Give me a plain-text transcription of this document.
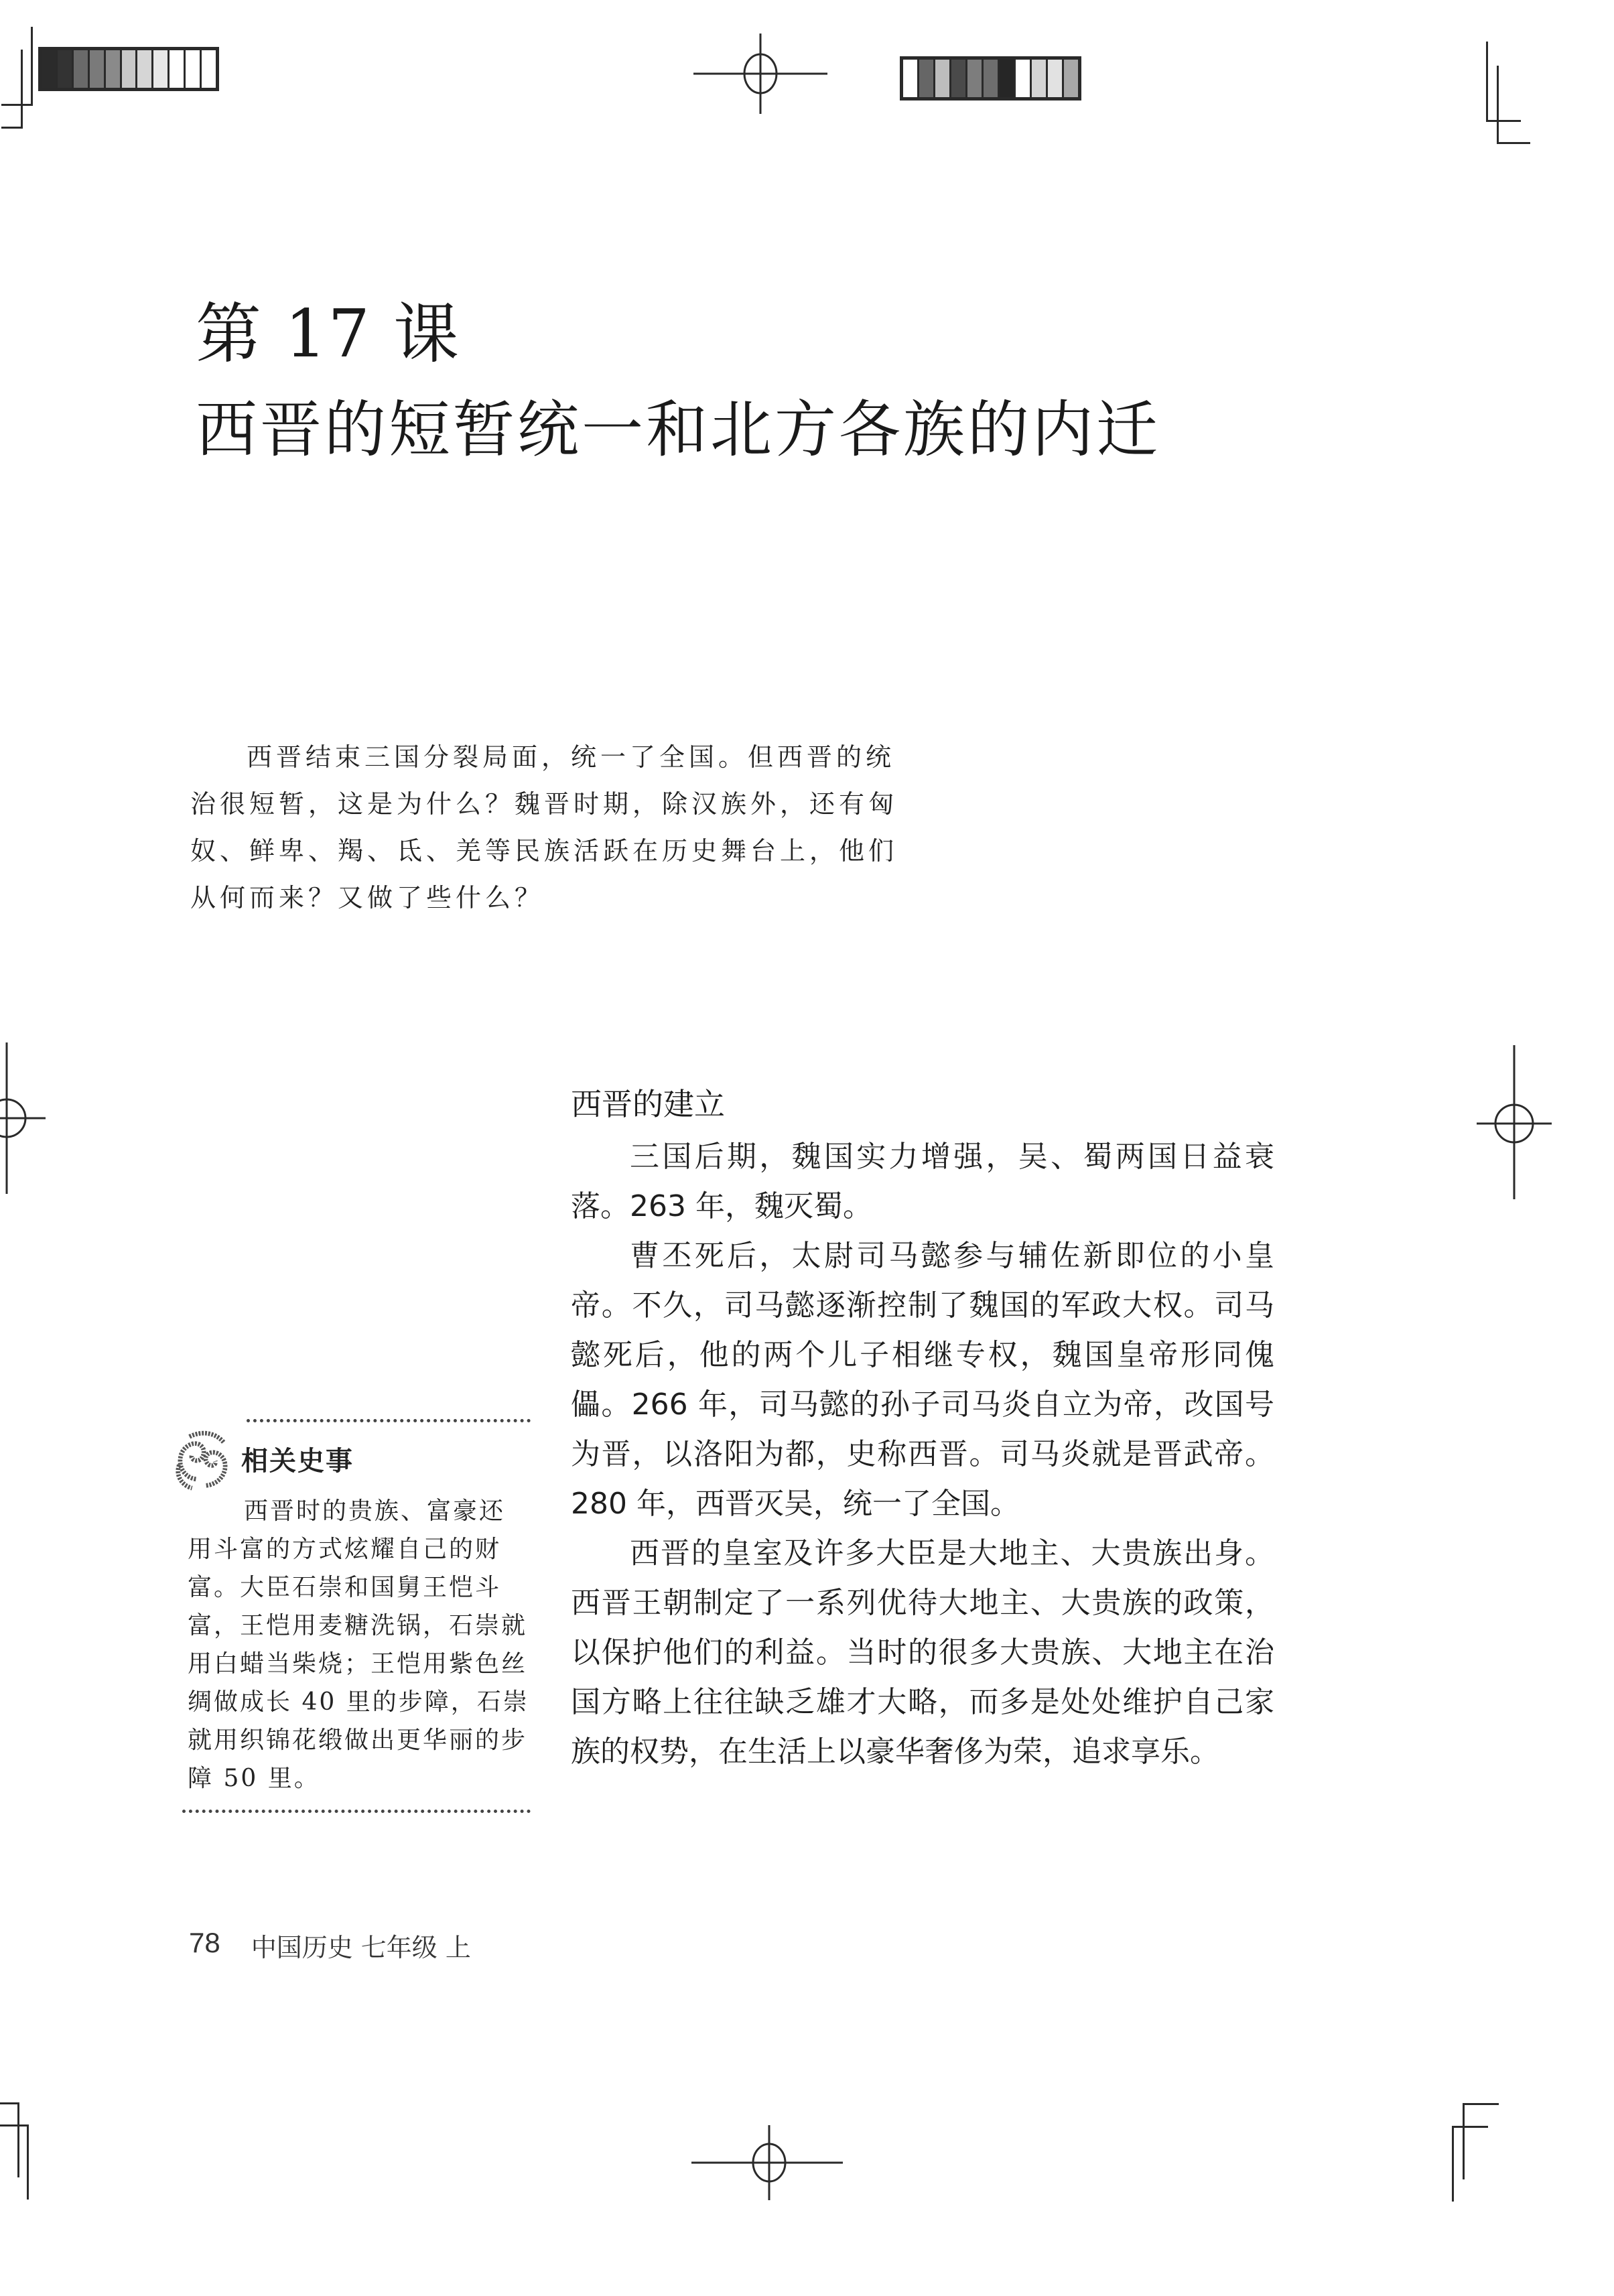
第 17 课
西晋的短暂统一和北方各族的内迁

西晋结束三国分裂局面，统一了全国。但西晋的统治很短暂，这是为什么？魏晋时期，除汉族外，还有匈奴、鲜卑、羯、氐、羌等民族活跃在历史舞台上，他们从何而来？又做了些什么？

西晋的建立

三国后期，魏国实力增强，吴、蜀两国日益衰落。263 年，魏灭蜀。

曹丕死后，太尉司马懿参与辅佐新即位的小皇帝。不久，司马懿逐渐控制了魏国的军政大权。司马懿死后，他的两个儿子相继专权，魏国皇帝形同傀儡。266 年，司马懿的孙子司马炎自立为帝，改国号为晋，以洛阳为都，史称西晋。司马炎就是晋武帝。280 年，西晋灭吴，统一了全国。

西晋的皇室及许多大臣是大地主、大贵族出身。西晋王朝制定了一系列优待大地主、大贵族的政策，以保护他们的利益。当时的很多大贵族、大地主在治国方略上往往缺乏雄才大略，而多是处处维护自己家族的权势，在生活上以豪华奢侈为荣，追求享乐。

相关史事

西晋时的贵族、富豪还用斗富的方式炫耀自己的财富。大臣石崇和国舅王恺斗富，王恺用麦糖洗锅，石崇就用白蜡当柴烧；王恺用紫色丝绸做成长 40 里的步障，石崇就用织锦花缎做出更华丽的步障 50 里。

78 中国历史 七年级 上
